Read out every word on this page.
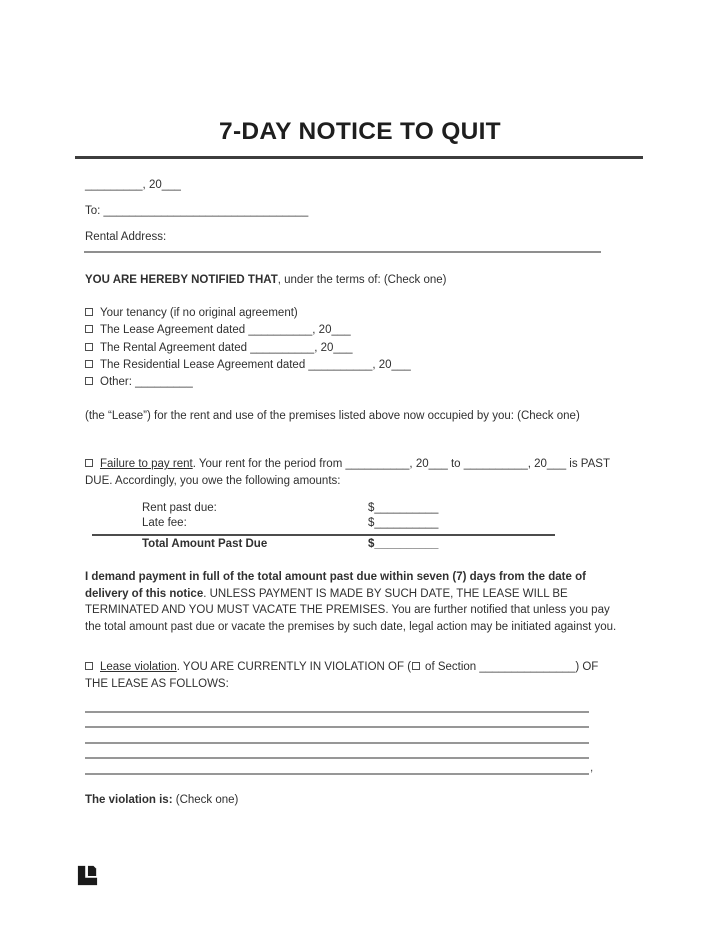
7-DAY NOTICE TO QUIT
_________, 20___
To: ________________________________
Rental Address:
YOU ARE HEREBY NOTIFIED THAT, under the terms of: (Check one)
Your tenancy (if no original agreement)
The Lease Agreement dated __________, 20___
The Rental Agreement dated __________, 20___
The Residential Lease Agreement dated __________, 20___
Other: _________
(the “Lease”) for the rent and use of the premises listed above now occupied by you: (Check one)
Failure to pay rent. Your rent for the period from __________, 20___ to __________, 20___ is PAST
DUE. Accordingly, you owe the following amounts:
Rent past due:	$__________
Late fee:	$__________
Total Amount Past Due	$__________
I demand payment in full of the total amount past due within seven (7) days from the date of
delivery of this notice. UNLESS PAYMENT IS MADE BY SUCH DATE, THE LEASE WILL BE
TERMINATED AND YOU MUST VACATE THE PREMISES. You are further notified that unless you pay
the total amount past due or vacate the premises by such date, legal action may be initiated against you.
Lease violation. YOU ARE CURRENTLY IN VIOLATION OF ( of Section _______________) OF
THE LEASE AS FOLLOWS:
,
The violation is: (Check one)
